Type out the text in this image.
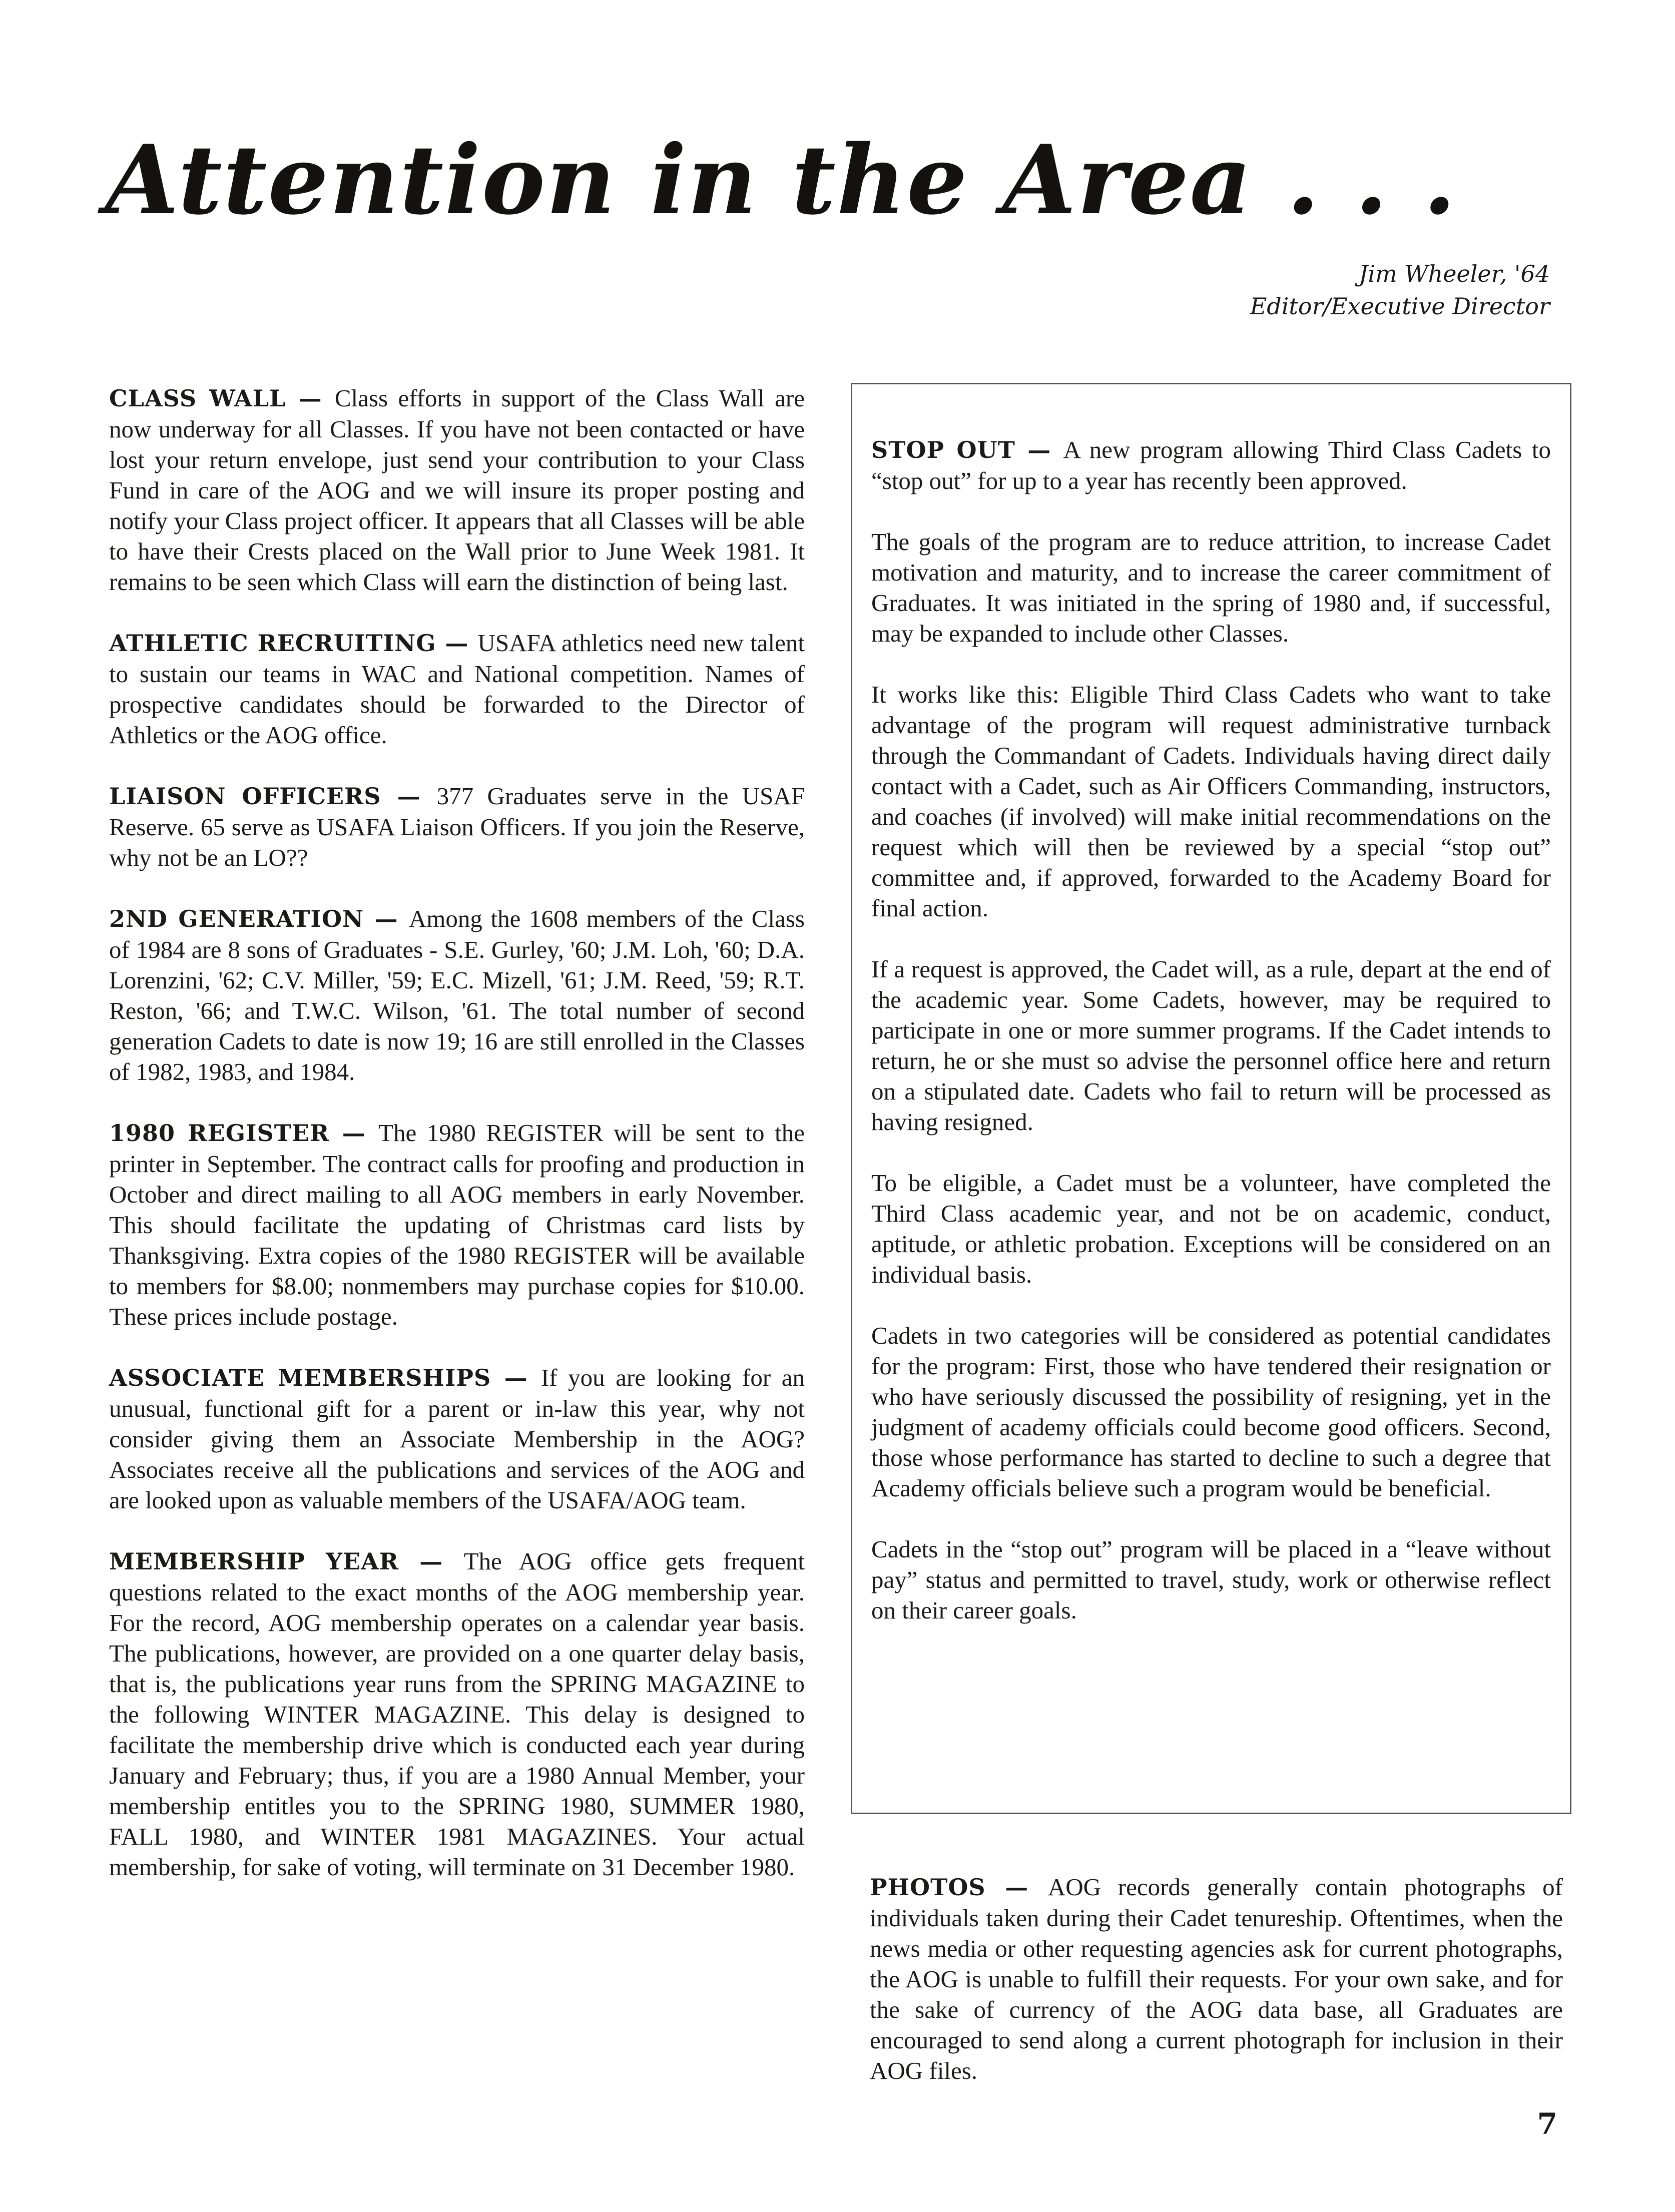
Attention in the Area . . .
Jim Wheeler, '64
Editor/Executive Director
CLASS WALL — Class efforts in support of the Class Wall are now underway for all Classes. If you have not been contacted or have lost your return envelope, just send your contribution to your Class Fund in care of the AOG and we will insure its proper posting and notify your Class project officer. It appears that all Classes will be able to have their Crests placed on the Wall prior to June Week 1981. It remains to be seen which Class will earn the distinction of being last.
ATHLETIC RECRUITING — USAFA athletics need new talent to sustain our teams in WAC and National competition. Names of prospective candidates should be forwarded to the Director of Athletics or the AOG office.
LIAISON OFFICERS — 377 Graduates serve in the USAF Reserve. 65 serve as USAFA Liaison Officers. If you join the Reserve, why not be an LO??
2ND GENERATION — Among the 1608 members of the Class of 1984 are 8 sons of Graduates - S.E. Gurley, '60; J.M. Loh, '60; D.A. Lorenzini, '62; C.V. Miller, '59; E.C. Mizell, '61; J.M. Reed, '59; R.T. Reston, '66; and T.W.C. Wilson, '61. The total number of second generation Cadets to date is now 19; 16 are still enrolled in the Classes of 1982, 1983, and 1984.
1980 REGISTER — The 1980 REGISTER will be sent to the printer in September. The contract calls for proofing and production in October and direct mailing to all AOG members in early November. This should facilitate the updating of Christmas card lists by Thanksgiving. Extra copies of the 1980 REGISTER will be available to members for $8.00; nonmembers may purchase copies for $10.00. These prices include postage.
ASSOCIATE MEMBERSHIPS — If you are looking for an unusual, functional gift for a parent or in-law this year, why not consider giving them an Associate Membership in the AOG? Associates receive all the publications and services of the AOG and are looked upon as valuable members of the USAFA/AOG team.
MEMBERSHIP YEAR — The AOG office gets frequent questions related to the exact months of the AOG membership year. For the record, AOG membership operates on a calendar year basis. The publications, however, are provided on a one quarter delay basis, that is, the publications year runs from the SPRING MAGAZINE to the following WINTER MAGAZINE. This delay is designed to facilitate the membership drive which is conducted each year during January and February; thus, if you are a 1980 Annual Member, your membership entitles you to the SPRING 1980, SUMMER 1980, FALL 1980, and WINTER 1981 MAGAZINES. Your actual membership, for sake of voting, will terminate on 31 December 1980.
STOP OUT — A new program allowing Third Class Cadets to “stop out” for up to a year has recently been approved.

The goals of the program are to reduce attrition, to increase Cadet motivation and maturity, and to increase the career commitment of Graduates. It was initiated in the spring of 1980 and, if successful, may be expanded to include other Classes.

It works like this: Eligible Third Class Cadets who want to take advantage of the program will request administrative turnback through the Commandant of Cadets. Individuals having direct daily contact with a Cadet, such as Air Officers Commanding, instructors, and coaches (if involved) will make initial recommendations on the request which will then be reviewed by a special “stop out” committee and, if approved, forwarded to the Academy Board for final action.

If a request is approved, the Cadet will, as a rule, depart at the end of the academic year. Some Cadets, however, may be required to participate in one or more summer programs. If the Cadet intends to return, he or she must so advise the personnel office here and return on a stipulated date. Cadets who fail to return will be processed as having resigned.

To be eligible, a Cadet must be a volunteer, have completed the Third Class academic year, and not be on academic, conduct, aptitude, or athletic probation. Exceptions will be considered on an individual basis.

Cadets in two categories will be considered as potential candidates for the program: First, those who have tendered their resignation or who have seriously discussed the possibility of resigning, yet in the judgment of academy officials could become good officers. Second, those whose performance has started to decline to such a degree that Academy officials believe such a program would be beneficial.

Cadets in the “stop out” program will be placed in a “leave without pay” status and permitted to travel, study, work or otherwise reflect on their career goals.

PHOTOS — AOG records generally contain photographs of individuals taken during their Cadet tenureship. Oftentimes, when the news media or other requesting agencies ask for current photographs, the AOG is unable to fulfill their requests. For your own sake, and for the sake of currency of the AOG data base, all Graduates are encouraged to send along a current photograph for inclusion in their AOG files.
7
